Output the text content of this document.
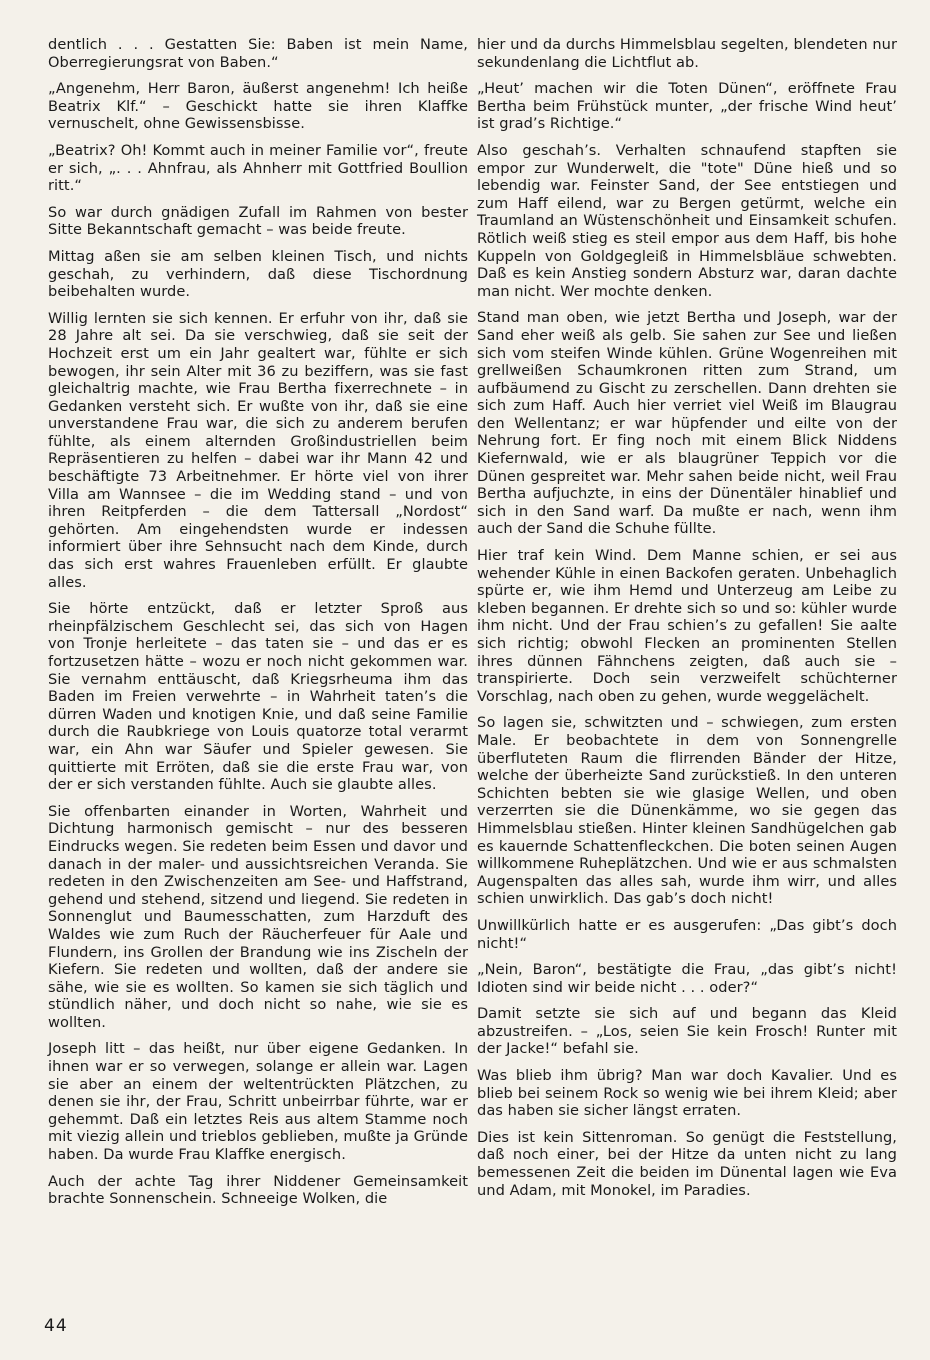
dentlich . . . Gestatten Sie: Baben ist mein Name, Oberregierungsrat von Baben.“

„Angenehm, Herr Baron, äußerst angenehm! Ich heiße Beatrix Klf.“ – Geschickt hatte sie ihren Klaffke vernuschelt, ohne Gewissensbisse.

„Beatrix? Oh! Kommt auch in meiner Familie vor“, freute er sich, „. . . Ahnfrau, als Ahnherr mit Gottfried Boullion ritt.“

So war durch gnädigen Zufall im Rahmen von bester Sitte Bekanntschaft gemacht – was beide freute.

Mittag aßen sie am selben kleinen Tisch, und nichts geschah, zu verhindern, daß diese Tischordnung beibehalten wurde.

Willig lernten sie sich kennen. Er erfuhr von ihr, daß sie 28 Jahre alt sei. Da sie verschwieg, daß sie seit der Hochzeit erst um ein Jahr gealtert war, fühlte er sich bewogen, ihr sein Alter mit 36 zu beziffern, was sie fast gleichaltrig machte, wie Frau Bertha fixerrechnete – in Gedanken versteht sich. Er wußte von ihr, daß sie eine unverstandene Frau war, die sich zu anderem berufen fühlte, als einem alternden Großindustriellen beim Repräsentieren zu helfen – dabei war ihr Mann 42 und beschäftigte 73 Arbeitnehmer. Er hörte viel von ihrer Villa am Wannsee – die im Wedding stand – und von ihren Reitpferden – die dem Tattersall „Nordost“ gehörten. Am eingehendsten wurde er indessen informiert über ihre Sehnsucht nach dem Kinde, durch das sich erst wahres Frauenleben erfüllt. Er glaubte alles.

Sie hörte entzückt, daß er letzter Sproß aus rheinpfälzischem Geschlecht sei, das sich von Hagen von Tronje herleitete – das taten sie – und das er es fortzusetzen hätte – wozu er noch nicht gekommen war. Sie vernahm enttäuscht, daß Kriegsrheuma ihm das Baden im Freien verwehrte – in Wahrheit taten’s die dürren Waden und knotigen Knie, und daß seine Familie durch die Raubkriege von Louis quatorze total verarmt war, ein Ahn war Säufer und Spieler gewesen. Sie quittierte mit Erröten, daß sie die erste Frau war, von der er sich verstanden fühlte. Auch sie glaubte alles.

Sie offenbarten einander in Worten, Wahrheit und Dichtung harmonisch gemischt – nur des besseren Eindrucks wegen. Sie redeten beim Essen und davor und danach in der maler- und aussichtsreichen Veranda. Sie redeten in den Zwischenzeiten am See- und Haffstrand, gehend und stehend, sitzend und liegend. Sie redeten in Sonnenglut und Baumesschatten, zum Harzduft des Waldes wie zum Ruch der Räucherfeuer für Aale und Flundern, ins Grollen der Brandung wie ins Zischeln der Kiefern. Sie redeten und wollten, daß der andere sie sähe, wie sie es wollten. So kamen sie sich täglich und stündlich näher, und doch nicht so nahe, wie sie es wollten.

Joseph litt – das heißt, nur über eigene Gedanken. In ihnen war er so verwegen, solange er allein war. Lagen sie aber an einem der weltentrückten Plätzchen, zu denen sie ihr, der Frau, Schritt unbeirrbar führte, war er gehemmt. Daß ein letztes Reis aus altem Stamme noch mit viezig allein und trieblos geblieben, mußte ja Gründe haben. Da wurde Frau Klaffke energisch.

Auch der achte Tag ihrer Niddener Gemeinsamkeit brachte Sonnenschein. Schneeige Wolken, die

hier und da durchs Himmelsblau segelten, blendeten nur sekundenlang die Lichtflut ab.

„Heut’ machen wir die Toten Dünen“, eröffnete Frau Bertha beim Frühstück munter, „der frische Wind heut’ ist grad’s Richtige.“

Also geschah’s. Verhalten schnaufend stapften sie empor zur Wunderwelt, die "tote" Düne hieß und so lebendig war. Feinster Sand, der See entstiegen und zum Haff eilend, war zu Bergen getürmt, welche ein Traumland an Wüstenschönheit und Einsamkeit schufen. Rötlich weiß stieg es steil empor aus dem Haff, bis hohe Kuppeln von Goldgegleiß in Himmelsbläue schwebten. Daß es kein Anstieg sondern Absturz war, daran dachte man nicht. Wer mochte denken.

Stand man oben, wie jetzt Bertha und Joseph, war der Sand eher weiß als gelb. Sie sahen zur See und ließen sich vom steifen Winde kühlen. Grüne Wogenreihen mit grellweißen Schaumkronen ritten zum Strand, um aufbäumend zu Gischt zu zerschellen. Dann drehten sie sich zum Haff. Auch hier verriet viel Weiß im Blaugrau den Wellentanz; er war hüpfender und eilte von der Nehrung fort. Er fing noch mit einem Blick Niddens Kiefernwald, wie er als blaugrüner Teppich vor die Dünen gespreitet war. Mehr sahen beide nicht, weil Frau Bertha aufjuchzte, in eins der Dünentäler hinablief und sich in den Sand warf. Da mußte er nach, wenn ihm auch der Sand die Schuhe füllte.

Hier traf kein Wind. Dem Manne schien, er sei aus wehender Kühle in einen Backofen geraten. Unbehaglich spürte er, wie ihm Hemd und Unterzeug am Leibe zu kleben begannen. Er drehte sich so und so: kühler wurde ihm nicht. Und der Frau schien’s zu gefallen! Sie aalte sich richtig; obwohl Flecken an prominenten Stellen ihres dünnen Fähnchens zeigten, daß auch sie – transpirierte. Doch sein verzweifelt schüchterner Vorschlag, nach oben zu gehen, wurde weggelächelt.

So lagen sie, schwitzten und – schwiegen, zum ersten Male. Er beobachtete in dem von Sonnengrelle überfluteten Raum die flirrenden Bänder der Hitze, welche der überheizte Sand zurückstieß. In den unteren Schichten bebten sie wie glasige Wellen, und oben verzerrten sie die Dünenkämme, wo sie gegen das Himmelsblau stießen. Hinter kleinen Sandhügelchen gab es kauernde Schattenfleckchen. Die boten seinen Augen willkommene Ruheplätzchen. Und wie er aus schmalsten Augenspalten das alles sah, wurde ihm wirr, und alles schien unwirklich. Das gab’s doch nicht!

Unwillkürlich hatte er es ausgerufen: „Das gibt’s doch nicht!“

„Nein, Baron“, bestätigte die Frau, „das gibt’s nicht! Idioten sind wir beide nicht . . . oder?“

Damit setzte sie sich auf und begann das Kleid abzustreifen. – „Los, seien Sie kein Frosch! Runter mit der Jacke!“ befahl sie.

Was blieb ihm übrig? Man war doch Kavalier. Und es blieb bei seinem Rock so wenig wie bei ihrem Kleid; aber das haben sie sicher längst erraten.

Dies ist kein Sittenroman. So genügt die Feststellung, daß noch einer, bei der Hitze da unten nicht zu lang bemessenen Zeit die beiden im Dünental lagen wie Eva und Adam, mit Monokel, im Paradies.

44
